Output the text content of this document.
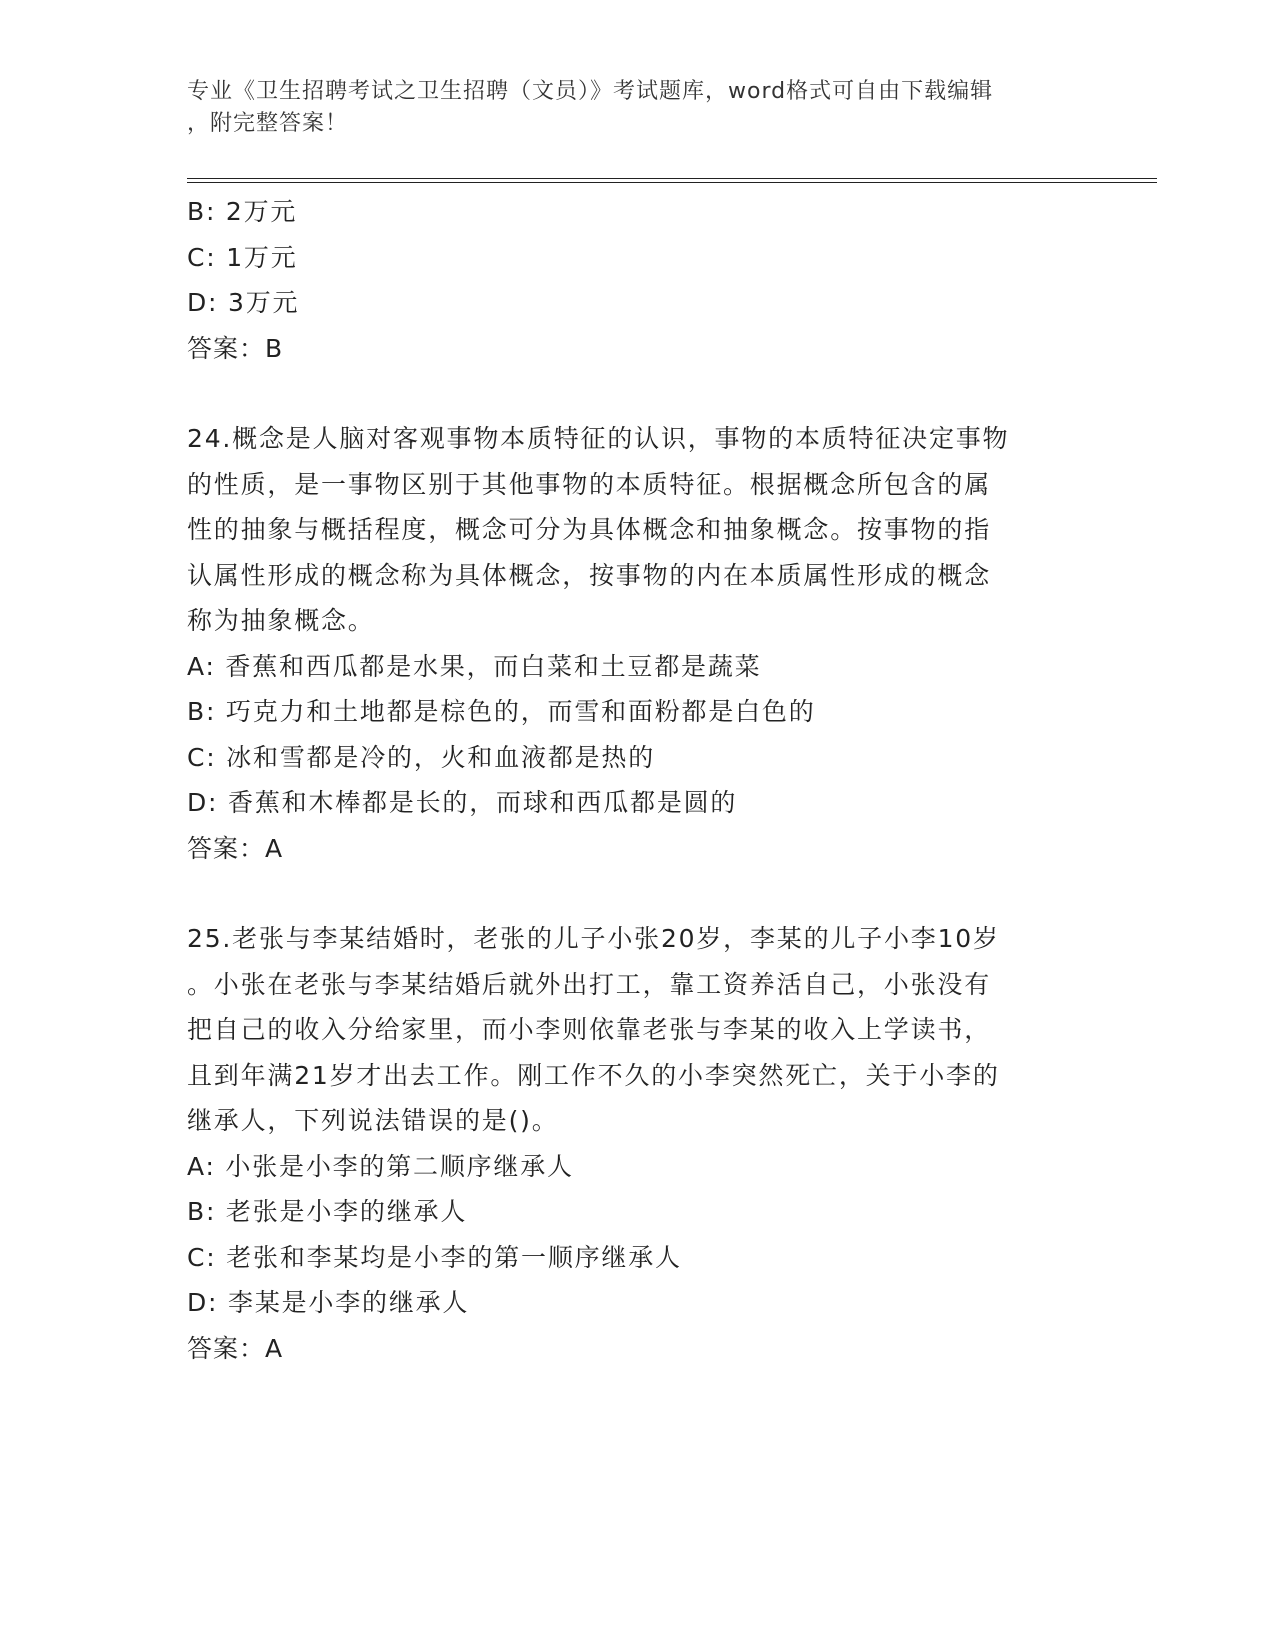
专业《卫生招聘考试之卫生招聘（文员）》考试题库，word格式可自由下载编辑
，附完整答案！
B: 2万元
C: 1万元
D: 3万元
答案：B
24.概念是人脑对客观事物本质特征的认识，事物的本质特征决定事物
的性质，是一事物区别于其他事物的本质特征。根据概念所包含的属
性的抽象与概括程度，概念可分为具体概念和抽象概念。按事物的指
认属性形成的概念称为具体概念，按事物的内在本质属性形成的概念
称为抽象概念。
A: 香蕉和西瓜都是水果，而白菜和土豆都是蔬菜
B: 巧克力和土地都是棕色的，而雪和面粉都是白色的
C: 冰和雪都是冷的，火和血液都是热的
D: 香蕉和木棒都是长的，而球和西瓜都是圆的
答案：A
25.老张与李某结婚时，老张的儿子小张20岁，李某的儿子小李10岁
。小张在老张与李某结婚后就外出打工，靠工资养活自己，小张没有
把自己的收入分给家里，而小李则依靠老张与李某的收入上学读书，
且到年满21岁才出去工作。刚工作不久的小李突然死亡，关于小李的
继承人，下列说法错误的是()。
A: 小张是小李的第二顺序继承人
B: 老张是小李的继承人
C: 老张和李某均是小李的第一顺序继承人
D: 李某是小李的继承人
答案：A
